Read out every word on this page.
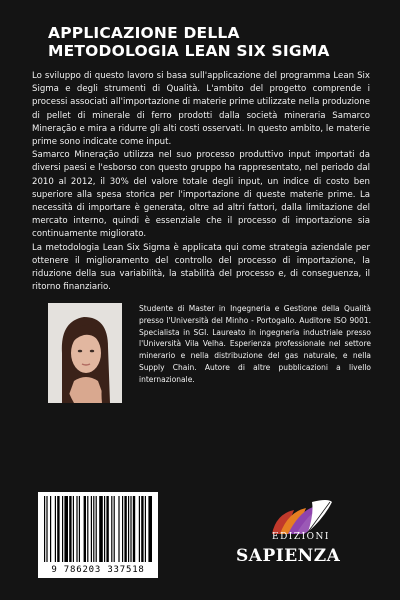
APPLICAZIONE DELLA
METODOLOGIA LEAN SIX SIGMA

Lo sviluppo di questo lavoro si basa sull'applicazione del programma Lean Six Sigma e degli strumenti di Qualità. L'ambito del progetto comprende i processi associati all'importazione di materie prime utilizzate nella produzione di pellet di minerale di ferro prodotti dalla società mineraria Samarco Mineração e mira a ridurre gli alti costi osservati. In questo ambito, le materie prime sono indicate come input.

Samarco Mineração utilizza nel suo processo produttivo input importati da diversi paesi e l'esborso con questo gruppo ha rappresentato, nel periodo dal 2010 al 2012, il 30% del valore totale degli input, un indice di costo ben superiore alla spesa storica per l'importazione di queste materie prime. La necessità di importare è generata, oltre ad altri fattori, dalla limitazione del mercato interno, quindi è essenziale che il processo di importazione sia continuamente migliorato.

La metodologia Lean Six Sigma è applicata qui come strategia aziendale per ottenere il miglioramento del controllo del processo di importazione, la riduzione della sua variabilità, la stabilità del processo e, di conseguenza, il ritorno finanziario.

Studente di Master in Ingegneria e Gestione della Qualità presso l'Università del Minho - Portogallo. Auditore ISO 9001. Specialista in SGI. Laureato in ingegneria industriale presso l'Università Vila Velha. Esperienza professionale nel settore minerario e nella distribuzione del gas naturale, e nella Supply Chain. Autore di altre pubblicazioni a livello internazionale.
9 786203 337518
EDIZIONI
SAPIENZA
